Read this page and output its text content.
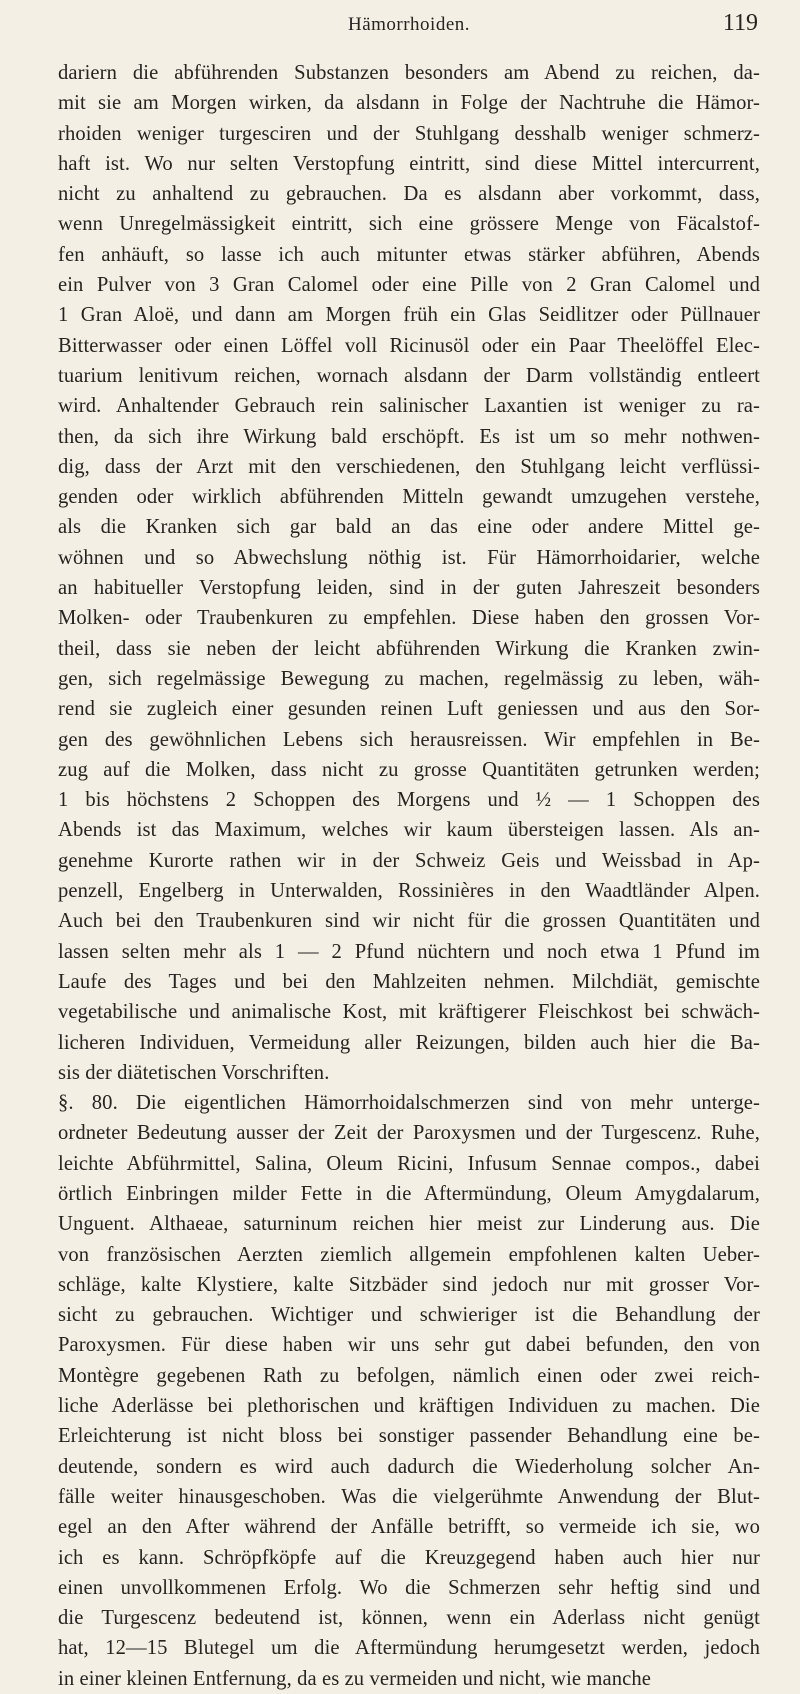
Hämorrhoiden.	119
dariern die abführenden Substanzen besonders am Abend zu reichen, da-
mit sie am Morgen wirken, da alsdann in Folge der Nachtruhe die Hämor-
rhoiden weniger turgesciren und der Stuhlgang desshalb weniger schmerz-
haft ist. Wo nur selten Verstopfung eintritt, sind diese Mittel intercurrent,
nicht zu anhaltend zu gebrauchen. Da es alsdann aber vorkommt, dass,
wenn Unregelmässigkeit eintritt, sich eine grössere Menge von Fäcalstof-
fen anhäuft, so lasse ich auch mitunter etwas stärker abführen, Abends
ein Pulver von 3 Gran Calomel oder eine Pille von 2 Gran Calomel und
1 Gran Aloë, und dann am Morgen früh ein Glas Seidlitzer oder Püllnauer
Bitterwasser oder einen Löffel voll Ricinusöl oder ein Paar Theelöffel Elec-
tuarium lenitivum reichen, wornach alsdann der Darm vollständig entleert
wird. Anhaltender Gebrauch rein salinischer Laxantien ist weniger zu ra-
then, da sich ihre Wirkung bald erschöpft. Es ist um so mehr nothwen-
dig, dass der Arzt mit den verschiedenen, den Stuhlgang leicht verflüssi-
genden oder wirklich abführenden Mitteln gewandt umzugehen verstehe,
als die Kranken sich gar bald an das eine oder andere Mittel ge-
wöhnen und so Abwechslung nöthig ist. Für Hämorrhoidarier, welche
an habitueller Verstopfung leiden, sind in der guten Jahreszeit besonders
Molken- oder Traubenkuren zu empfehlen. Diese haben den grossen Vor-
theil, dass sie neben der leicht abführenden Wirkung die Kranken zwin-
gen, sich regelmässige Bewegung zu machen, regelmässig zu leben, wäh-
rend sie zugleich einer gesunden reinen Luft geniessen und aus den Sor-
gen des gewöhnlichen Lebens sich herausreissen. Wir empfehlen in Be-
zug auf die Molken, dass nicht zu grosse Quantitäten getrunken werden;
1 bis höchstens 2 Schoppen des Morgens und ½ — 1 Schoppen des
Abends ist das Maximum, welches wir kaum übersteigen lassen. Als an-
genehme Kurorte rathen wir in der Schweiz Geis und Weissbad in Ap-
penzell, Engelberg in Unterwalden, Rossinières in den Waadtländer Alpen.
Auch bei den Traubenkuren sind wir nicht für die grossen Quantitäten und
lassen selten mehr als 1 — 2 Pfund nüchtern und noch etwa 1 Pfund im
Laufe des Tages und bei den Mahlzeiten nehmen. Milchdiät, gemischte
vegetabilische und animalische Kost, mit kräftigerer Fleischkost bei schwäch-
licheren Individuen, Vermeidung aller Reizungen, bilden auch hier die Ba-
sis der diätetischen Vorschriften.
§. 80. Die eigentlichen Hämorrhoidalschmerzen sind von mehr unterge-
ordneter Bedeutung ausser der Zeit der Paroxysmen und der Turgescenz. Ruhe,
leichte Abführmittel, Salina, Oleum Ricini, Infusum Sennae compos., dabei
örtlich Einbringen milder Fette in die Aftermündung, Oleum Amygdalarum,
Unguent. Althaeae, saturninum reichen hier meist zur Linderung aus. Die
von französischen Aerzten ziemlich allgemein empfohlenen kalten Ueber-
schläge, kalte Klystiere, kalte Sitzbäder sind jedoch nur mit grosser Vor-
sicht zu gebrauchen. Wichtiger und schwieriger ist die Behandlung der
Paroxysmen. Für diese haben wir uns sehr gut dabei befunden, den von
Montègre gegebenen Rath zu befolgen, nämlich einen oder zwei reich-
liche Aderlässe bei plethorischen und kräftigen Individuen zu machen. Die
Erleichterung ist nicht bloss bei sonstiger passender Behandlung eine be-
deutende, sondern es wird auch dadurch die Wiederholung solcher An-
fälle weiter hinausgeschoben. Was die vielgerühmte Anwendung der Blut-
egel an den After während der Anfälle betrifft, so vermeide ich sie, wo
ich es kann. Schröpfköpfe auf die Kreuzgegend haben auch hier nur
einen unvollkommenen Erfolg. Wo die Schmerzen sehr heftig sind und
die Turgescenz bedeutend ist, können, wenn ein Aderlass nicht genügt
hat, 12—15 Blutegel um die Aftermündung herumgesetzt werden, jedoch
in einer kleinen Entfernung, da es zu vermeiden und nicht, wie manche
